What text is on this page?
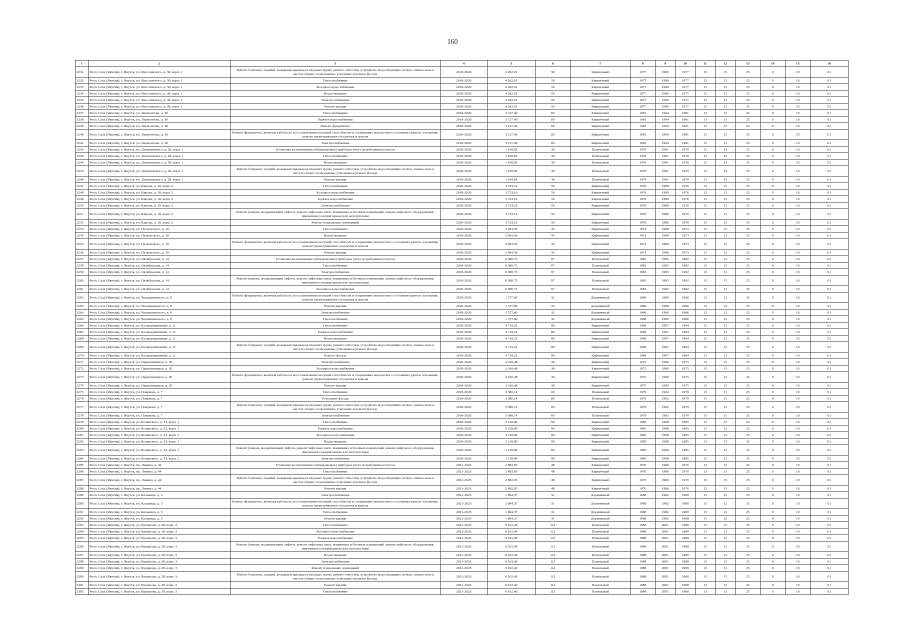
160
1	2	3	4	5	6	7	8	9	10	11	12	13	14	15	16
2231	Респ. Саха (Якутия), г. Якутск, ул. Ярославского, д. 30, корп. 1	Ремонт балконов, лоджий, козырьков крыльца и входных групп, ремонт отмостки, устройство водоотводящих лотков, замена окон в местах общего пользования, утепление и ремонт фасада	2018-2020	4 262,91	59	Кирпичный	1977	1990	1977	15	15	25	0	10	01
2232	Респ. Саха (Якутия), г. Якутск, ул. Ярославского, д. 30, корп. 1	Теплоснабжение	2018-2020	4 262,91	59	Кирпичный	1977	1990	1977	15	15	25	0	10	01
2233	Респ. Саха (Якутия), г. Якутск, ул. Ярославского, д. 30, корп. 1	Холодное водоснабжение	2018-2020	4 262,91	59	Кирпичный	1977	1990	1977	15	15	25	0	10	01
2234	Респ. Саха (Якутия), г. Якутск, ул. Ярославского, д. 30, корп. 1	Водоотведение	2018-2020	4 262,91	59	Кирпичный	1977	1990	1977	15	15	25	0	10	01
2235	Респ. Саха (Якутия), г. Якутск, ул. Ярославского, д. 30, корп. 1	Электроснабжение	2018-2020	4 262,91	59	Кирпичный	1977	1990	1977	15	15	25	0	10	01
2236	Респ. Саха (Якутия), г. Якутск, ул. Ярославского, д. 30, корп. 1	Ремонт крыши	2018-2020	4 262,91	59	Кирпичный	1977	1990	1977	15	15	25	0	10	01
2237	Респ. Саха (Якутия), г. Якутск, ул. Лермонтова, д. 36	Теплоснабжение	2018-2020	3 127,40	60	Кирпичный	1981	1994	1981	15	15	25	0	10	01
2238	Респ. Саха (Якутия), г. Якутск, ул. Лермонтова, д. 36	Горячее водоснабжение	2018-2020	3 127,40	60	Кирпичный	1981	1994	1981	15	15	25	0	10	01
2239	Респ. Саха (Якутия), г. Якутск, ул. Лермонтова, д. 36	Ремонт фундамента	2018-2020	3 127,40	60	Кирпичный	1981	1994	1981	15	15	25	0	10	01
2240	Респ. Саха (Якутия), г. Якутск, ул. Лермонтова, д. 36	Ремонт фундамента, включая работы по восстановлению несущей способности и сохранению мерзлотного состояния грунтов основания, ремонт проветриваемого подполья и цоколя	2018-2020	3 127,40	60	Кирпичный	1981	1994	1981	15	15	25	0	10	01
2241	Респ. Саха (Якутия), г. Якутск, ул. Лермонтова, д. 36	Электроснабжение	2018-2020	3 127,40	60	Кирпичный	1981	1994	1981	15	15	25	0	10	01
2242	Респ. Саха (Якутия), г. Якутск, ул. Дзержинского, д. 28, корп. 1	Установка коллективных (общедомовых) приборов учета потребления ресурсов	2018-2020	1 918,83	36	Панельный	1978	1991	1978	15	33	25	0	10	01
2243	Респ. Саха (Якутия), г. Якутск, ул. Дзержинского, д. 28, корп. 1	Теплоснабжение	2018-2020	1 918,83	36	Панельный	1978	1991	1978	15	33	25	0	10	01
2244	Респ. Саха (Якутия), г. Якутск, ул. Дзержинского, д. 28, корп. 1	Водоотведение	2018-2020	1 918,83	36	Панельный	1978	1991	1978	15	33	25	0	10	01
2245	Респ. Саха (Якутия), г. Якутск, ул. Дзержинского, д. 28, корп. 1	Ремонт балконов, лоджий, козырьков крыльца и входных групп, ремонт отмостки, устройство водоотводящих лотков, замена окон в местах общего пользования, утепление и ремонт фасада	2018-2020	1 918,83	36	Панельный	1978	1991	1978	15	33	25	0	10	01
2246	Респ. Саха (Якутия), г. Якутск, ул. Дзержинского, д. 28, корп. 1	Ремонт крыши	2018-2020	1 918,83	36	Панельный	1978	1991	1978	15	33	25	0	10	01
2247	Респ. Саха (Якутия), г. Якутск, ул. Кирова, д. 18, корп. 2	Теплоснабжение	2018-2020	3 723,10	59	Кирпичный	1976	1989	1976	15	15	25	0	10	01
2248	Респ. Саха (Якутия), г. Якутск, ул. Кирова, д. 18, корп. 2	Холодное водоснабжение	2018-2020	3 723,10	59	Кирпичный	1976	1989	1976	15	15	25	0	10	01
2249	Респ. Саха (Якутия), г. Якутск, ул. Кирова, д. 18, корп. 2	Горячее водоснабжение	2018-2020	3 723,10	59	Кирпичный	1976	1989	1976	15	15	25	0	10	01
2250	Респ. Саха (Якутия), г. Якутск, ул. Кирова, д. 18, корп. 2	Электроснабжение	2018-2020	3 723,10	59	Кирпичный	1976	1989	1976	15	15	25	0	10	01
2251	Респ. Саха (Якутия), г. Якутск, ул. Кирова, д. 18, корп. 2	Ремонт (замена, модернизация) лифтов, ремонт лифтовых шахт, машинных и блочных помещений, замена лифтового оборудования, признанного непригодным для эксплуатации	2018-2020	3 723,10	59	Кирпичный	1976	1989	1976	15	15	25	0	10	01
2252	Респ. Саха (Якутия), г. Якутск, ул. Кирова, д. 18, корп. 2	Ремонт подвальных помещений	2018-2020	3 723,10	59	Кирпичный	1976	1989	1976	15	15	25	0	10	01
2253	Респ. Саха (Якутия), г. Якутск, ул. Петровского, д. 19	Теплоснабжение	2018-2020	2 493,56	45	Кирпичный	1973	1988	1973	15	15	25	0	10	01
2254	Респ. Саха (Якутия), г. Якутск, ул. Петровского, д. 19	Водоотведение	2018-2020	2 493,56	45	Кирпичный	1973	1988	1973	15	15	25	0	10	01
2255	Респ. Саха (Якутия), г. Якутск, ул. Петровского, д. 19	Ремонт фундамента, включая работы по восстановлению несущей способности и сохранению мерзлотного состояния грунтов основания, ремонт проветриваемого подполья и цоколя	2018-2020	2 493,56	45	Кирпичный	1973	1988	1973	15	15	25	0	10	01
2256	Респ. Саха (Якутия), г. Якутск, ул. Петровского, д. 19	Ремонт крыши	2018-2020	2 493,56	45	Кирпичный	1973	1988	1973	15	15	25	0	10	01
2257	Респ. Саха (Якутия), г. Якутск, ул. Октябрьская, д. 14	Установка коллективных (общедомовых) приборов учета потребления ресурсов	2018-2020	6 380,75	97	Панельный	1982	1995	1982	15	15	25	0	10	01
2258	Респ. Саха (Якутия), г. Якутск, ул. Октябрьская, д. 14	Теплоснабжение	2018-2020	6 380,75	97	Панельный	1982	1995	1982	15	15	25	0	10	01
2259	Респ. Саха (Якутия), г. Якутск, ул. Октябрьская, д. 14	Электроснабжение	2018-2020	6 380,75	97	Панельный	1982	1995	1982	15	15	25	0	10	01
2260	Респ. Саха (Якутия), г. Якутск, ул. Октябрьская, д. 14	Ремонт (замена, модернизация) лифтов, ремонт лифтовых шахт, машинных и блочных помещений, замена лифтового оборудования, признанного непригодным для эксплуатации	2018-2020	6 380,75	97	Панельный	1982	1995	1982	15	15	25	0	10	01
2261	Респ. Саха (Якутия), г. Якутск, ул. Октябрьская, д. 14	Холодное водоснабжение	2018-2020	6 380,75	97	Панельный	1982	1995	1982	15	15	25	0	10	01
2262	Респ. Саха (Якутия), г. Якутск, ул. Чернышевского, д. 8	Ремонт фундамента, включая работы по восстановлению несущей способности и сохранению мерзлотного состояния грунтов основания, ремонт проветриваемого подполья и цоколя	2018-2020	1 577,60	32	Деревянный	1966	1980	1966	15	12	25	0	10	01
2263	Респ. Саха (Якутия), г. Якутск, ул. Чернышевского, д. 8	Ремонт крыши	2018-2020	1 577,60	32	Деревянный	1966	1980	1966	15	12	25	0	10	01
2264	Респ. Саха (Якутия), г. Якутск, ул. Чернышевского, д. 8	Электроснабжение	2018-2020	1 577,60	32	Деревянный	1966	1980	1966	15	12	25	0	10	01
2265	Респ. Саха (Якутия), г. Якутск, ул. Чернышевского, д. 8	Теплоснабжение	2018-2020	1 577,60	32	Деревянный	1966	1980	1966	15	12	25	0	10	01
2266	Респ. Саха (Якутия), г. Якутск, ул. Каландаришвили, д. 11	Теплоснабжение	2018-2020	4 719,22	80	Кирпичный	1984	1997	1984	15	15	25	0	10	01
2267	Респ. Саха (Якутия), г. Якутск, ул. Каландаришвили, д. 11	Горячее водоснабжение	2018-2020	4 719,22	80	Кирпичный	1984	1997	1984	15	15	25	0	10	01
2268	Респ. Саха (Якутия), г. Якутск, ул. Каландаришвили, д. 11	Водоотведение	2018-2020	4 719,22	80	Кирпичный	1984	1997	1984	15	15	25	0	10	01
2269	Респ. Саха (Якутия), г. Якутск, ул. Каландаришвили, д. 11	Ремонт балконов, лоджий, козырьков крыльца и входных групп, ремонт отмостки, устройство водоотводящих лотков, замена окон в местах общего пользования, утепление и ремонт фасада	2018-2020	4 719,22	80	Кирпичный	1984	1997	1984	15	15	25	0	10	01
2270	Респ. Саха (Якутия), г. Якутск, ул. Каландаришвили, д. 11	Ремонт фасада	2018-2020	4 719,22	80	Кирпичный	1984	1997	1984	15	15	25	0	10	01
2271	Респ. Саха (Якутия), г. Якутск, ул. Орджоникидзе, д. 20	Электроснабжение	2018-2020	2 016,48	36	Кирпичный	1975	1990	1975	15	15	25	0	10	01
2272	Респ. Саха (Якутия), г. Якутск, ул. Орджоникидзе, д. 20	Холодное водоснабжение	2018-2020	2 016,48	36	Кирпичный	1975	1990	1975	15	15	25	0	10	01
2273	Респ. Саха (Якутия), г. Якутск, ул. Орджоникидзе, д. 20	Ремонт фундамента, включая работы по восстановлению несущей способности и сохранению мерзлотного состояния грунтов основания, ремонт проветриваемого подполья и цоколя	2018-2020	2 016,48	36	Кирпичный	1975	1990	1975	15	15	25	0	10	01
2274	Респ. Саха (Якутия), г. Якутск, ул. Орджоникидзе, д. 20	Ремонт крыши	2018-2020	2 016,48	36	Кирпичный	1975	1990	1975	15	15	25	0	10	01
2275	Респ. Саха (Якутия), г. Якутск, ул. Пояркова, д. 7	Теплоснабжение	2018-2020	3 380,14	60	Панельный	1979	1992	1979	15	15	25	0	10	01
2276	Респ. Саха (Якутия), г. Якутск, ул. Пояркова, д. 7	Утепление фасада	2018-2020	3 380,14	60	Панельный	1979	1992	1979	15	15	25	0	10	01
2277	Респ. Саха (Якутия), г. Якутск, ул. Пояркова, д. 7	Ремонт балконов, лоджий, козырьков крыльца и входных групп, ремонт отмостки, устройство водоотводящих лотков, замена окон в местах общего пользования, утепление и ремонт фасада	2018-2020	3 380,14	60	Панельный	1979	1992	1979	15	15	25	0	10	01
2278	Респ. Саха (Якутия), г. Якутск, ул. Пояркова, д. 7	Электроснабжение	2018-2020	3 380,14	60	Панельный	1979	1992	1979	15	15	25	0	10	01
2279	Респ. Саха (Якутия), г. Якутск, ул. Белинского, д. 33, корп. 1	Теплоснабжение	2018-2020	5 218,90	90	Кирпичный	1985	1998	1985	15	15	25	0	10	01
2280	Респ. Саха (Якутия), г. Якутск, ул. Белинского, д. 33, корп. 1	Горячее водоснабжение	2018-2020	5 218,90	90	Кирпичный	1985	1998	1985	15	15	25	0	10	01
2281	Респ. Саха (Якутия), г. Якутск, ул. Белинского, д. 33, корп. 1	Холодное водоснабжение	2018-2020	5 218,90	90	Кирпичный	1985	1998	1985	15	15	25	0	10	01
2282	Респ. Саха (Якутия), г. Якутск, ул. Белинского, д. 33, корп. 1	Водоотведение	2018-2020	5 218,90	90	Кирпичный	1985	1998	1985	15	15	25	0	10	01
2283	Респ. Саха (Якутия), г. Якутск, ул. Белинского, д. 33, корп. 1	Ремонт (замена, модернизация) лифтов, ремонт лифтовых шахт, машинных и блочных помещений, замена лифтового оборудования, признанного непригодным для эксплуатации	2018-2020	5 218,90	90	Кирпичный	1985	1998	1985	15	15	25	0	10	01
2284	Респ. Саха (Якутия), г. Якутск, ул. Белинского, д. 33, корп. 1	Электроснабжение	2018-2020	5 218,90	90	Кирпичный	1985	1998	1985	15	15	25	0	10	01
2285	Респ. Саха (Якутия), г. Якутск, пр. Ленина, д. 44	Установка коллективных (общедомовых) приборов учета потребления ресурсов	2021-2023	2 882,05	48	Кирпичный	1970	1986	1970	15	15	25	0	10	01
2286	Респ. Саха (Якутия), г. Якутск, пр. Ленина, д. 44	Теплоснабжение	2021-2023	2 882,05	48	Кирпичный	1970	1986	1970	15	15	25	0	10	01
2287	Респ. Саха (Якутия), г. Якутск, пр. Ленина, д. 44	Ремонт балконов, лоджий, козырьков крыльца и входных групп, ремонт отмостки, устройство водоотводящих лотков, замена окон в местах общего пользования, утепление и ремонт фасада	2021-2023	2 882,05	48	Кирпичный	1970	1986	1970	15	15	25	0	10	01
2288	Респ. Саха (Якутия), г. Якутск, пр. Ленина, д. 44	Ремонт крыши	2021-2023	2 882,05	48	Кирпичный	1970	1986	1970	15	15	25	0	10	01
2289	Респ. Саха (Якутия), г. Якутск, ул. Кальвица, д. 5	Электроснабжение	2021-2023	1 694,37	31	Деревянный	1968	1982	1968	15	12	25	0	10	01
2290	Респ. Саха (Якутия), г. Якутск, ул. Кальвица, д. 5	Ремонт фундамента, включая работы по восстановлению несущей способности и сохранению мерзлотного состояния грунтов основания, ремонт проветриваемого подполья и цоколя	2021-2023	1 694,37	31	Деревянный	1968	1982	1968	15	12	25	0	10	01
2291	Респ. Саха (Якутия), г. Якутск, ул. Кальвица, д. 5	Теплоснабжение	2021-2023	1 694,37	31	Деревянный	1968	1982	1968	15	12	25	0	10	01
2292	Респ. Саха (Якутия), г. Якутск, ул. Кальвица, д. 5	Ремонт крыши	2021-2023	1 694,37	31	Деревянный	1968	1982	1968	15	12	25	0	10	01
2293	Респ. Саха (Якутия), г. Якутск, ул. Курашова, д. 28, корп. 3	Теплоснабжение	2021-2023	6 912,40	112	Панельный	1988	2001	1988	15	15	25	0	10	01
2294	Респ. Саха (Якутия), г. Якутск, ул. Курашова, д. 28, корп. 3	Холодное водоснабжение	2021-2023	6 912,40	112	Панельный	1988	2001	1988	15	15	25	0	10	01
2295	Респ. Саха (Якутия), г. Якутск, ул. Курашова, д. 28, корп. 3	Горячее водоснабжение	2021-2023	6 912,40	112	Панельный	1988	2001	1988	15	15	25	0	10	01
2296	Респ. Саха (Якутия), г. Якутск, ул. Курашова, д. 28, корп. 3	Ремонт (замена, модернизация) лифтов, ремонт лифтовых шахт, машинных и блочных помещений, замена лифтового оборудования, признанного непригодным для эксплуатации	2021-2023	6 912,40	112	Панельный	1988	2001	1988	15	15	25	0	10	01
2297	Респ. Саха (Якутия), г. Якутск, ул. Курашова, д. 28, корп. 3	Водоотведение	2021-2023	6 912,40	112	Панельный	1988	2001	1988	15	15	25	0	10	01
2298	Респ. Саха (Якутия), г. Якутск, ул. Курашова, д. 28, корп. 3	Электроснабжение	2021-2023	6 912,40	112	Панельный	1988	2001	1988	15	15	25	0	10	01
2299	Респ. Саха (Якутия), г. Якутск, ул. Курашова, д. 28, корп. 3	Ремонт подвальных помещений	2021-2023	6 912,40	112	Панельный	1988	2001	1988	15	15	25	0	10	01
2300	Респ. Саха (Якутия), г. Якутск, ул. Курашова, д. 28, корп. 3	Ремонт балконов, лоджий, козырьков крыльца и входных групп, ремонт отмостки, устройство водоотводящих лотков, замена окон в местах общего пользования, утепление и ремонт фасада	2021-2023	6 912,40	112	Панельный	1988	2001	1988	15	15	25	0	10	01
2301	Респ. Саха (Якутия), г. Якутск, ул. Курашова, д. 28, корп. 3	Ремонт крыши	2021-2023	6 912,40	112	Панельный	1988	2001	1988	15	15	25	0	10	01
2302	Респ. Саха (Якутия), г. Якутск, ул. Курашова, д. 28, корп. 3	Теплоснабжение	2021-2023	6 912,40	112	Панельный	1988	2001	1988	15	15	25	0	10	01
